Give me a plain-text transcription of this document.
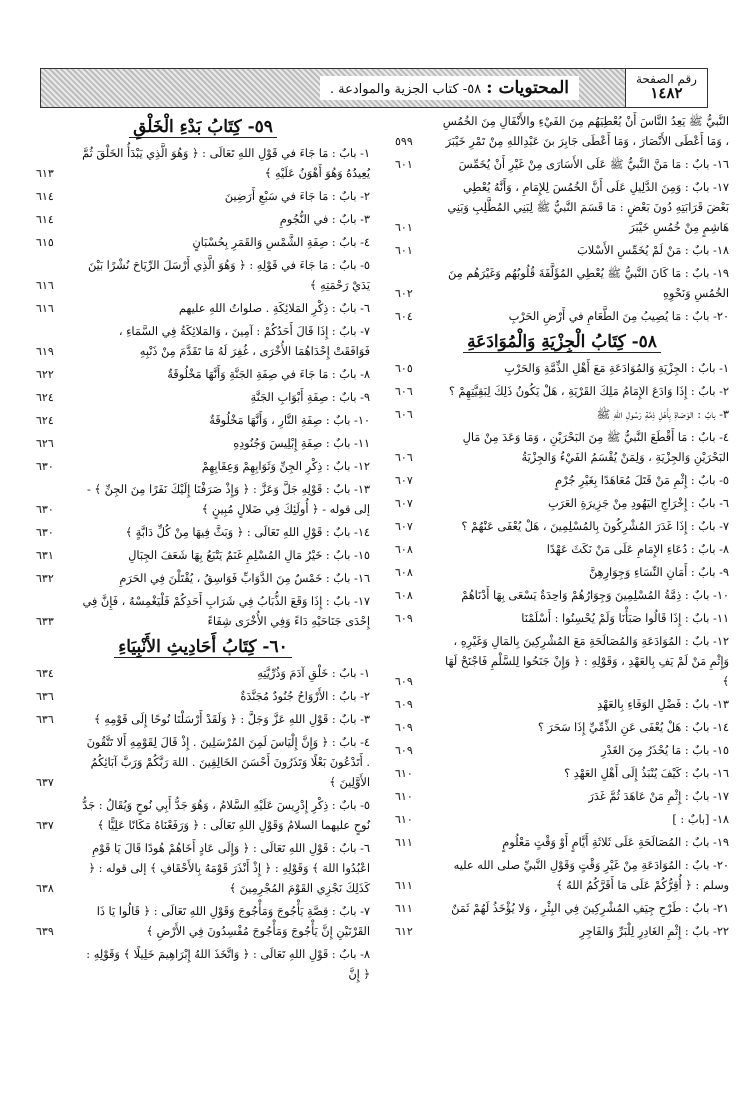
رقم الصفحة
١٤٨٢
المحتويات : ٥٨- كتاب الجزية والموادعة .
النَّبيُّ ﷺ يَعِدُ النَّاسَ أَنْ يُعْطِيَهُم مِنَ الفَيْءِ والأَنْفَالِ مِنَ الخُمُسِ ، وَمَا أَعْطَى الأَنْصَارَ ، وَمَا أَعْطَى جَابِرَ بنَ عَبْدِاللهِ مِنْ تَمْرِ خَيْبَرَ
٥٩٩
١٦- بابٌ : مَا مَنَّ النَّبيُّ ﷺ عَلَى الأَسَارَى مِنْ غَيْرِ أَنْ يُخَمِّسَ
٦٠١
١٧- بابٌ : وَمِنَ الدَّلِيلِ عَلَى أَنَّ الخُمُسَ لِلإِمَامِ ، وَأَنَّهُ يُعْطِي بَعْضَ قَرَابَتِهِ دُونَ بَعْضٍ : مَا قَسَمَ النَّبيُّ ﷺ لِبَنِي المُطَّلِبِ وَبَنِي هَاشِمٍ مِنْ خُمُسِ خَيْبَرَ
٦٠١
١٨- بابٌ : مَنْ لَمْ يُخَمِّسِ الأَسْلابَ
٦٠١
١٩- بابٌ : مَا كَانَ النَّبيُّ ﷺ يُعْطِي المُؤَلَّفَةَ قُلُوبُهُم وَغَيْرَهُم مِنَ الخُمُسِ وَنَحْوِهِ
٦٠٢
٢٠- بابٌ : مَا يُصِيبُ مِنَ الطَّعَامِ في أَرْضِ الحَرْبِ
٦٠٤
٥٨- كِتَابُ الْجِزْيَةِ وَالْمُوَادَعَةِ
١- بابٌ : الجِزْيَةِ وَالمُوَادَعَةِ مَعَ أَهْلِ الذِّمَّةِ وَالحَرْبِ
٦٠٥
٢- بابٌ : إِذَا وَادَعَ الإِمَامُ مَلِكَ القَرْيَةِ ، هَلْ يَكُونُ ذَلِكَ لِبَقِيَّتِهِمْ ؟
٦٠٦
٣- بابٌ : الوَصَاةِ بِأَهْلِ ذِمَّةِ رَسُولِ اللهِ ﷺ
٦٠٦
٤- بابٌ : مَا أَقْطَعَ النَّبيُّ ﷺ مِنَ البَحْرَيْنِ ، وَمَا وَعَدَ مِنْ مَالِ البَحْرَيْنِ وَالجِزْيَةِ ، وَلِمَنْ يُقْسَمُ الفَيْءُ وَالجِزْيَةُ
٦٠٦
٥- بابٌ : إِثْمِ مَنْ قَتَلَ مُعَاهَدًا بِغَيْرِ جُرْمٍ
٦٠٧
٦- بابٌ : إِخْرَاجِ اليَهُودِ مِنْ جَزِيرَةِ العَرَبِ
٦٠٧
٧- بابٌ : إِذَا غَدَرَ المُشْرِكُونَ بِالمُسْلِمِينَ ، هَلْ يُعْفَى عَنْهُمْ ؟
٦٠٧
٨- بابٌ : دُعَاءِ الإِمَامِ عَلَى مَنْ نَكَثَ عَهْدًا
٦٠٨
٩- بابٌ : أَمَانِ النِّسَاءِ وَجِوَارِهِنَّ
٦٠٨
١٠- بابٌ : ذِمَّةُ المُسْلِمِينَ وَجِوَارُهُمْ وَاحِدَةٌ يَسْعَى بِهَا أَدْنَاهُمْ
٦٠٨
١١- بابٌ : إِذَا قَالُوا صَبَأْنَا وَلَمْ يُحْسِنُوا : أَسْلَمْنَا
٦٠٩
١٢- بابٌ : المُوَادَعَةِ وَالمُصَالَحَةِ مَعَ المُشْرِكِينَ بِالمَالِ وَغَيْرِهِ ، وَإِثْمِ مَنْ لَمْ يَفِ بِالعَهْدِ ، وَقَوْلِهِ : ﴿ وَإِنْ جَنَحُوا لِلسَّلْمِ فَاجْنَحْ لَهَا ﴾
٦٠٩
١٣- بابٌ : فَضْلِ الوَفَاءِ بِالعَهْدِ
٦٠٩
١٤- بابٌ : هَلْ يُعْفَى عَنِ الذِّمِّيِّ إِذَا سَحَرَ ؟
٦٠٩
١٥- بابٌ : مَا يُحْذَرُ مِنَ الغَدْرِ
٦٠٩
١٦- بابٌ : كَيْفَ يُنْبَذُ إِلَى أَهْلِ العَهْدِ ؟
٦١٠
١٧- بابٌ : إِثْمِ مَنْ عَاهَدَ ثُمَّ غَدَرَ
٦١٠
١٨- [بابٌ : ]
٦١٠
١٩- بابٌ : المُصَالَحَةِ عَلَى ثَلاثَةِ أَيَّامٍ أَوْ وَقْتٍ مَعْلُومٍ
٦١١
٢٠- بابٌ : المُوَادَعَةِ مِنْ غَيْرِ وَقْتٍ وَقَوْلِ النَّبيِّ صلى الله عليه وسلم : ﴿ أُقِرُّكُمْ عَلَى مَا أَقَرَّكُمُ اللهُ ﴾
٦١١
٢١- بابٌ : طَرْحِ جِيَفِ المُشْرِكِينَ فِي البِئْرِ ، وَلا يُؤْخَذُ لَهُمْ ثَمَنٌ
٦١١
٢٢- بابٌ : إِثْمِ الغَادِرِ لِلْبَرِّ وَالفَاجِرِ
٦١٢
٥٩- كِتَابُ بَدْءِ الْخَلْقِ
١- بابٌ : مَا جَاءَ في قَوْلِ اللهِ تَعَالَى : ﴿ وَهُوَ الَّذِي يَبْدَأُ الخَلْقَ ثُمَّ يُعِيدُهُ وَهُوَ أَهْوَنُ عَلَيْهِ ﴾
٦١٣
٢- بابٌ : مَا جَاءَ في سَبْعِ أَرَضِينَ
٦١٤
٣- بابٌ : في النُّجُومِ
٦١٤
٤- بابٌ : صِفَةِ الشَّمْسِ وَالقَمَرِ بِحُسْبَانٍ
٦١٥
٥- بابٌ : مَا جَاءَ في قَوْلِهِ : ﴿ وَهُوَ الَّذِي أَرْسَلَ الرِّيَاحَ نُشْرًا بَيْنَ يَدَيْ رَحْمَتِهِ ﴾
٦١٦
٦- بابٌ : ذِكْرِ المَلائِكَةِ . صلواتُ اللهِ عليهم
٦١٦
٧- بابٌ : إِذَا قَالَ أَحَدُكُمْ : آمِينَ ، وَالمَلائِكَةُ فِي السَّمَاءِ ، فَوَافَقَتْ إِحْدَاهُمَا الأُخْرَى ، غُفِرَ لَهُ مَا تَقَدَّمَ مِنْ ذَنْبِهِ
٦١٩
٨- بابٌ : مَا جَاءَ في صِفَةِ الجَنَّةِ وَأَنَّهَا مَخْلُوقَةٌ
٦٢٢
٩- بابٌ : صِفَةِ أَبْوَابِ الجَنَّةِ
٦٢٤
١٠- بابٌ : صِفَةِ النَّارِ ، وَأَنَّهَا مَخْلُوقَةٌ
٦٢٤
١١- بابٌ : صِفَةِ إِبْلِيسَ وَجُنُودِهِ
٦٢٦
١٢- بابٌ : ذِكْرِ الجِنِّ وَثَوَابِهِمْ وَعِقَابِهِمْ
٦٣٠
١٣- بابٌ : قَوْلِهِ جَلَّ وَعَزَّ : ﴿ وَإِذْ صَرَفْنَا إِلَيْكَ نَفَرًا مِنَ الجِنِّ ﴾ - إلى قوله - ﴿ أُولَئِكَ فِي ضَلالٍ مُبِينٍ ﴾
٦٣٠
١٤- بابٌ : قَوْلِ اللهِ تَعَالَى : ﴿ وَبَثَّ فِيهَا مِنْ كُلِّ دَابَّةٍ ﴾
٦٣٠
١٥- بابٌ : خَيْرُ مَالِ المُسْلِمِ غَنَمٌ يَتْبَعُ بِهَا شَعَفَ الجِبَالِ
٦٣١
١٦- بابٌ : خَمْسٌ مِنَ الدَّوَابِّ فَوَاسِقُ ، يُقْتَلْنَ فِي الحَرَمِ
٦٣٢
١٧- بابٌ : إِذَا وَقَعَ الذُّبَابُ فِي شَرَابِ أَحَدِكُمْ فَلْيَغْمِسْهُ ، فَإِنَّ فِي إِحْدَى جَنَاحَيْهِ دَاءً وَفِي الأُخْرَى شِفَاءً
٦٣٣
٦٠- كِتَابُ أَحَادِيثِ الأَنْبِيَاءِ
١- بابٌ : خَلْقِ آدَمَ وَذُرِّيَّتِهِ
٦٣٤
٢- بابٌ : الأَرْوَاحُ جُنُودٌ مُجَنَّدَةٌ
٦٣٦
٣- بابٌ : قَوْلِ اللهِ عَزَّ وَجَلَّ : ﴿ وَلَقَدْ أَرْسَلْنَا نُوحًا إِلَى قَوْمِهِ ﴾
٦٣٦
٤- بابٌ : ﴿ وَإِنَّ إِلْيَاسَ لَمِنَ المُرْسَلِينَ . إِذْ قَالَ لِقَوْمِهِ أَلا تَتَّقُونَ . أَتَدْعُونَ بَعْلًا وَتَذَرُونَ أَحْسَنَ الخَالِقِينَ . اللهَ رَبَّكُمْ وَرَبَّ آبَائِكُمُ الأَوَّلِينَ ﴾
٦٣٧
٥- بابٌ : ذِكْرِ إِدْرِيسَ عَلَيْهِ السَّلامُ ، وَهُوَ جَدُّ أَبِي نُوحٍ وَيُقَالُ : جَدُّ نُوحٍ عليهما السلامُ وَقَوْلِ اللهِ تَعَالَى : ﴿ وَرَفَعْنَاهُ مَكَانًا عَلِيًّا ﴾
٦٣٧
٦- بابٌ : قَوْلِ اللهِ تَعَالَى : ﴿ وَإِلَى عَادٍ أَخَاهُمْ هُودًا قَالَ يَا قَوْمِ اعْبُدُوا اللهَ ﴾ وَقَوْلِهِ : ﴿ إِذْ أَنْذَرَ قَوْمَهُ بِالأَحْقَافِ ﴾ إلى قوله : ﴿ كَذَلِكَ نَجْزِي القَوْمَ المُجْرِمِينَ ﴾
٦٣٨
٧- بابٌ : قِصَّةِ يَأْجُوجَ وَمَأْجُوجَ وَقَوْلِ اللهِ تَعَالَى : ﴿ قَالُوا يَا ذَا القَرْنَيْنِ إِنَّ يَأْجُوجَ وَمَأْجُوجَ مُفْسِدُونَ فِي الأَرْضِ ﴾
٦٣٩
٨- بابٌ : قَوْلِ اللهِ تَعَالَى : ﴿ وَاتَّخَذَ اللهُ إِبْرَاهِيمَ خَلِيلًا ﴾ وَقَوْلِهِ : ﴿ إِنَّ
